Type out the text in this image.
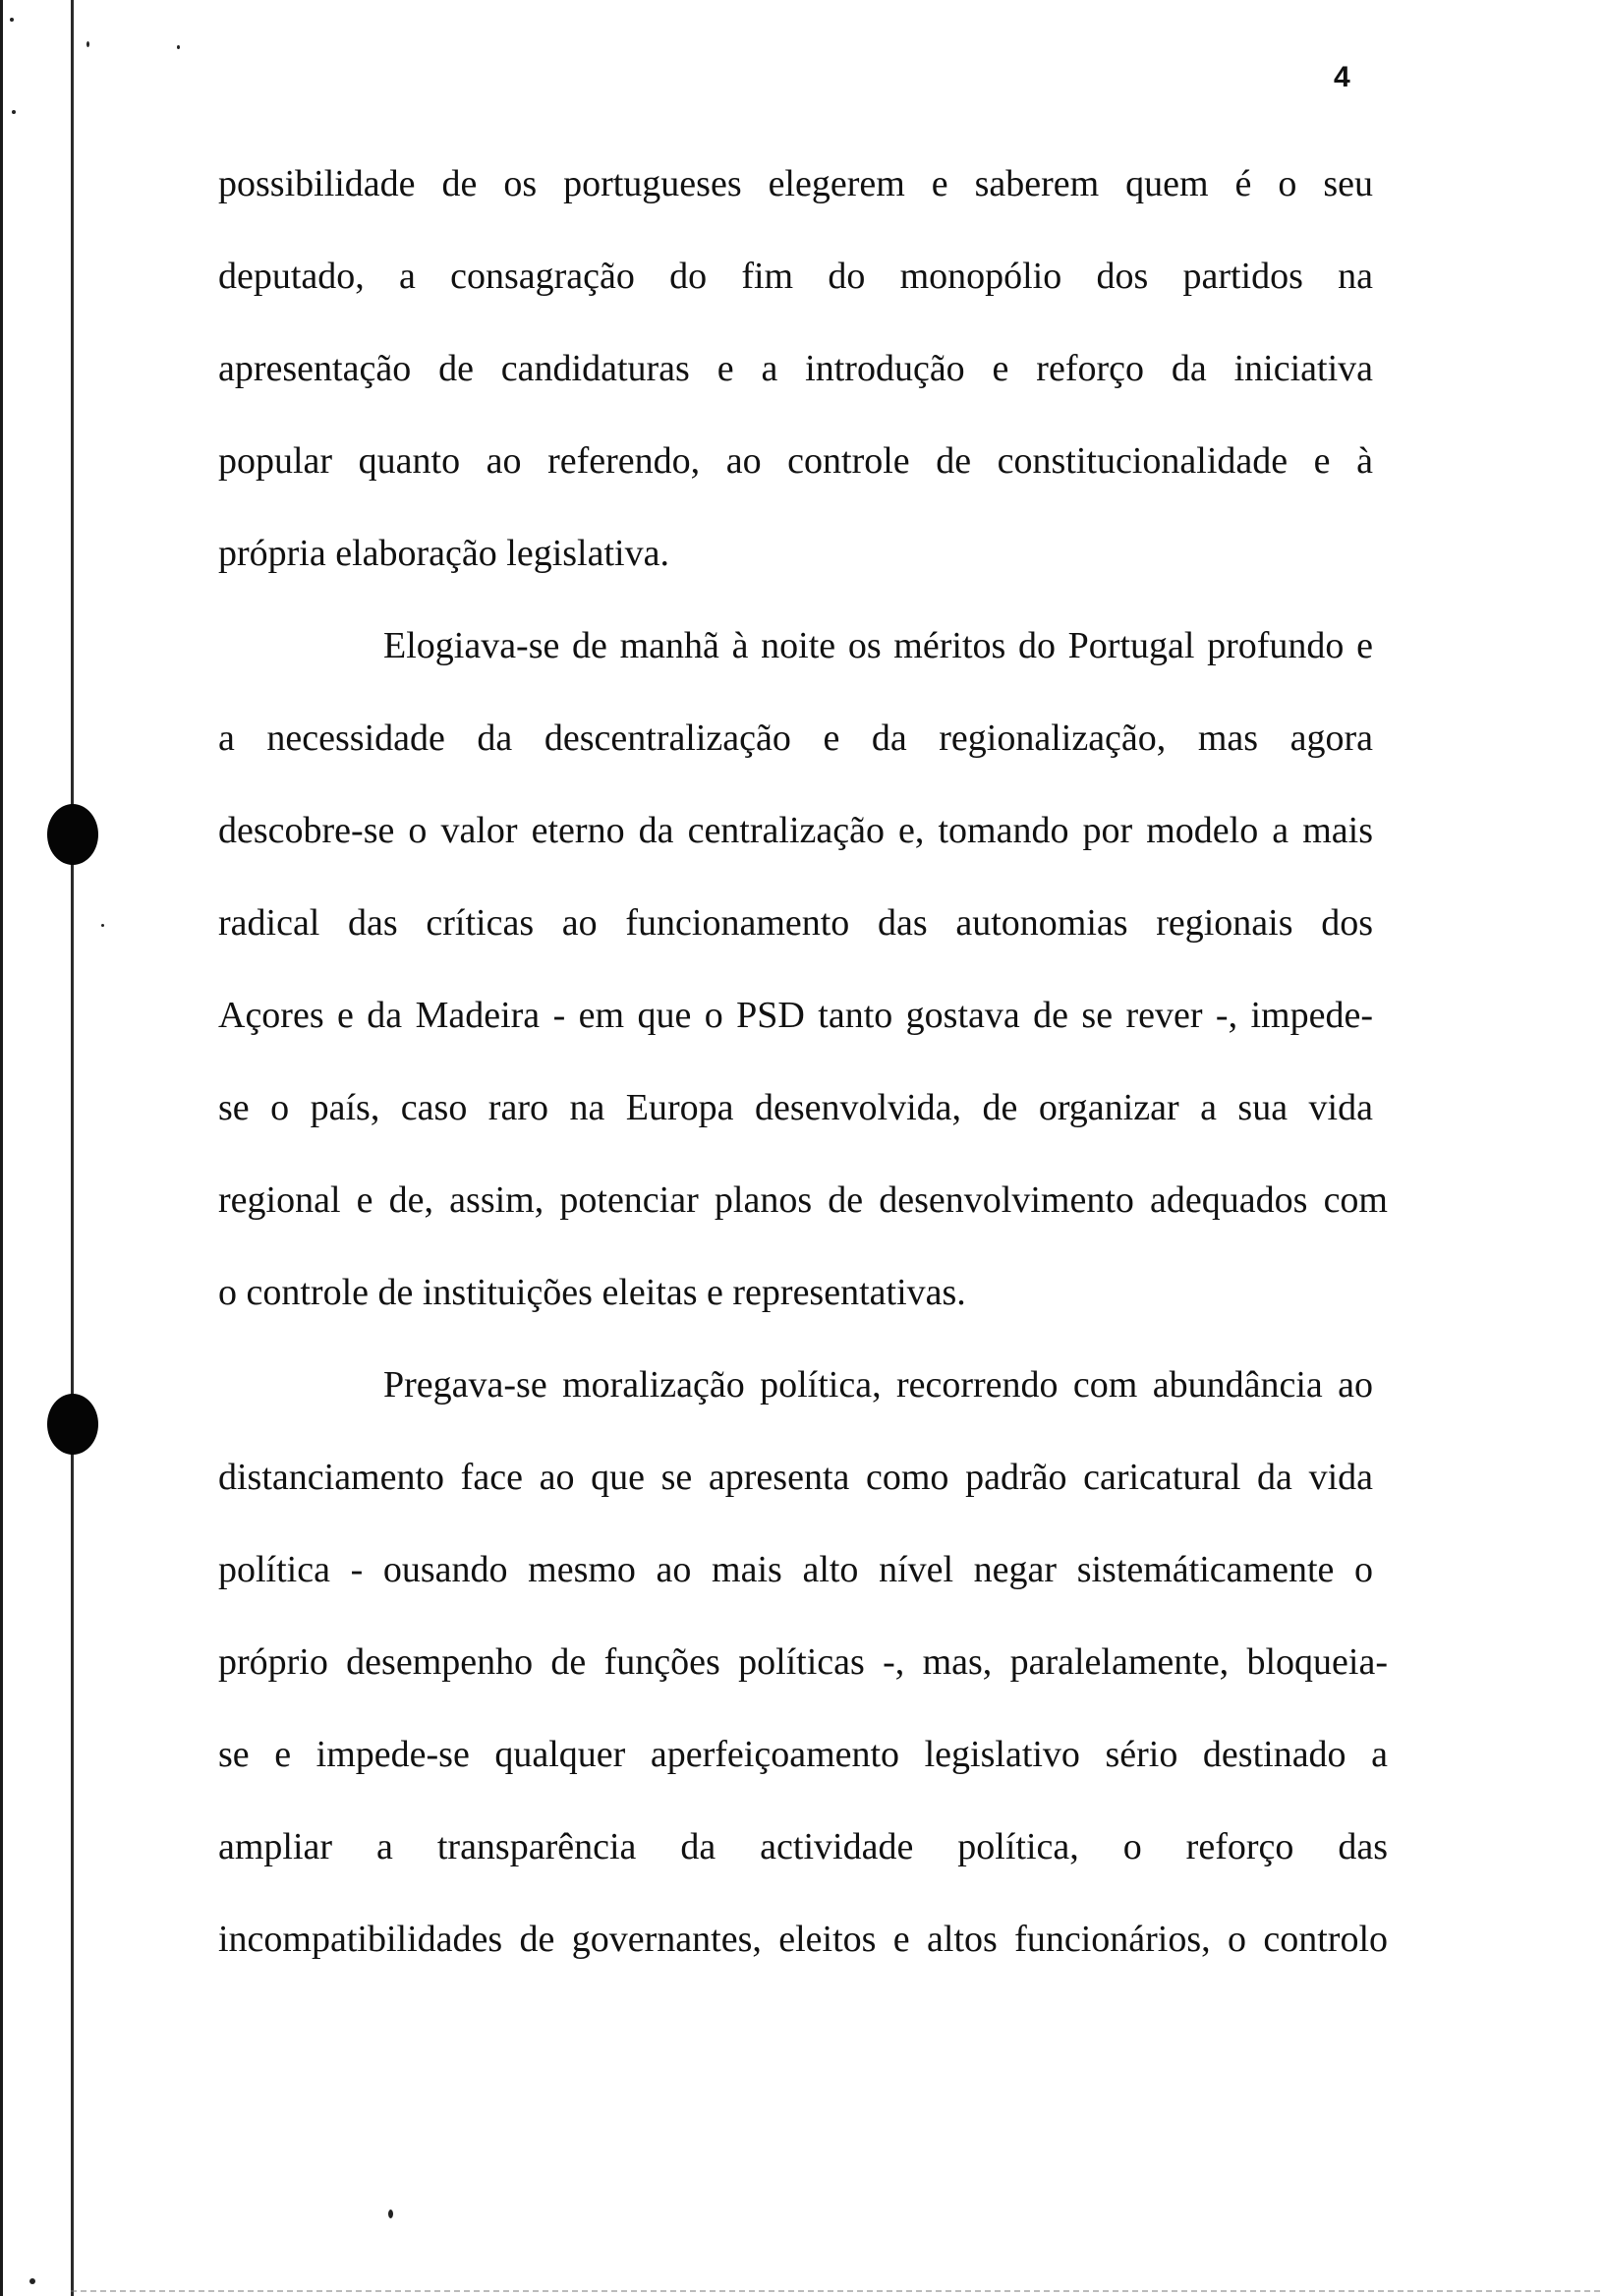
4
possibilidade de os portugueses elegerem e saberem quem é o seu
deputado, a consagração do fim do monopólio dos partidos na
apresentação de candidaturas e a introdução e reforço da iniciativa
popular quanto ao referendo, ao controle de constitucionalidade e à
própria elaboração legislativa.
Elogiava-se de manhã à noite os méritos do Portugal profundo e
a necessidade da descentralização e da regionalização, mas agora
descobre-se o valor eterno da centralização e, tomando por modelo a mais
radical das críticas ao funcionamento das autonomias regionais dos
Açores e da Madeira - em que o PSD tanto gostava de se rever -, impede-
se o país, caso raro na Europa desenvolvida, de organizar a sua vida
regional e de, assim, potenciar planos de desenvolvimento adequados com
o controle de instituições eleitas e representativas.
Pregava-se moralização política, recorrendo com abundância ao
distanciamento face ao que se apresenta como padrão caricatural da vida
política - ousando mesmo ao mais alto nível negar sistemáticamente o
próprio desempenho de funções políticas -, mas, paralelamente, bloqueia-
se e impede-se qualquer aperfeiçoamento legislativo sério destinado a
ampliar a transparência da actividade política, o reforço das
incompatibilidades de governantes, eleitos e altos funcionários, o controlo
